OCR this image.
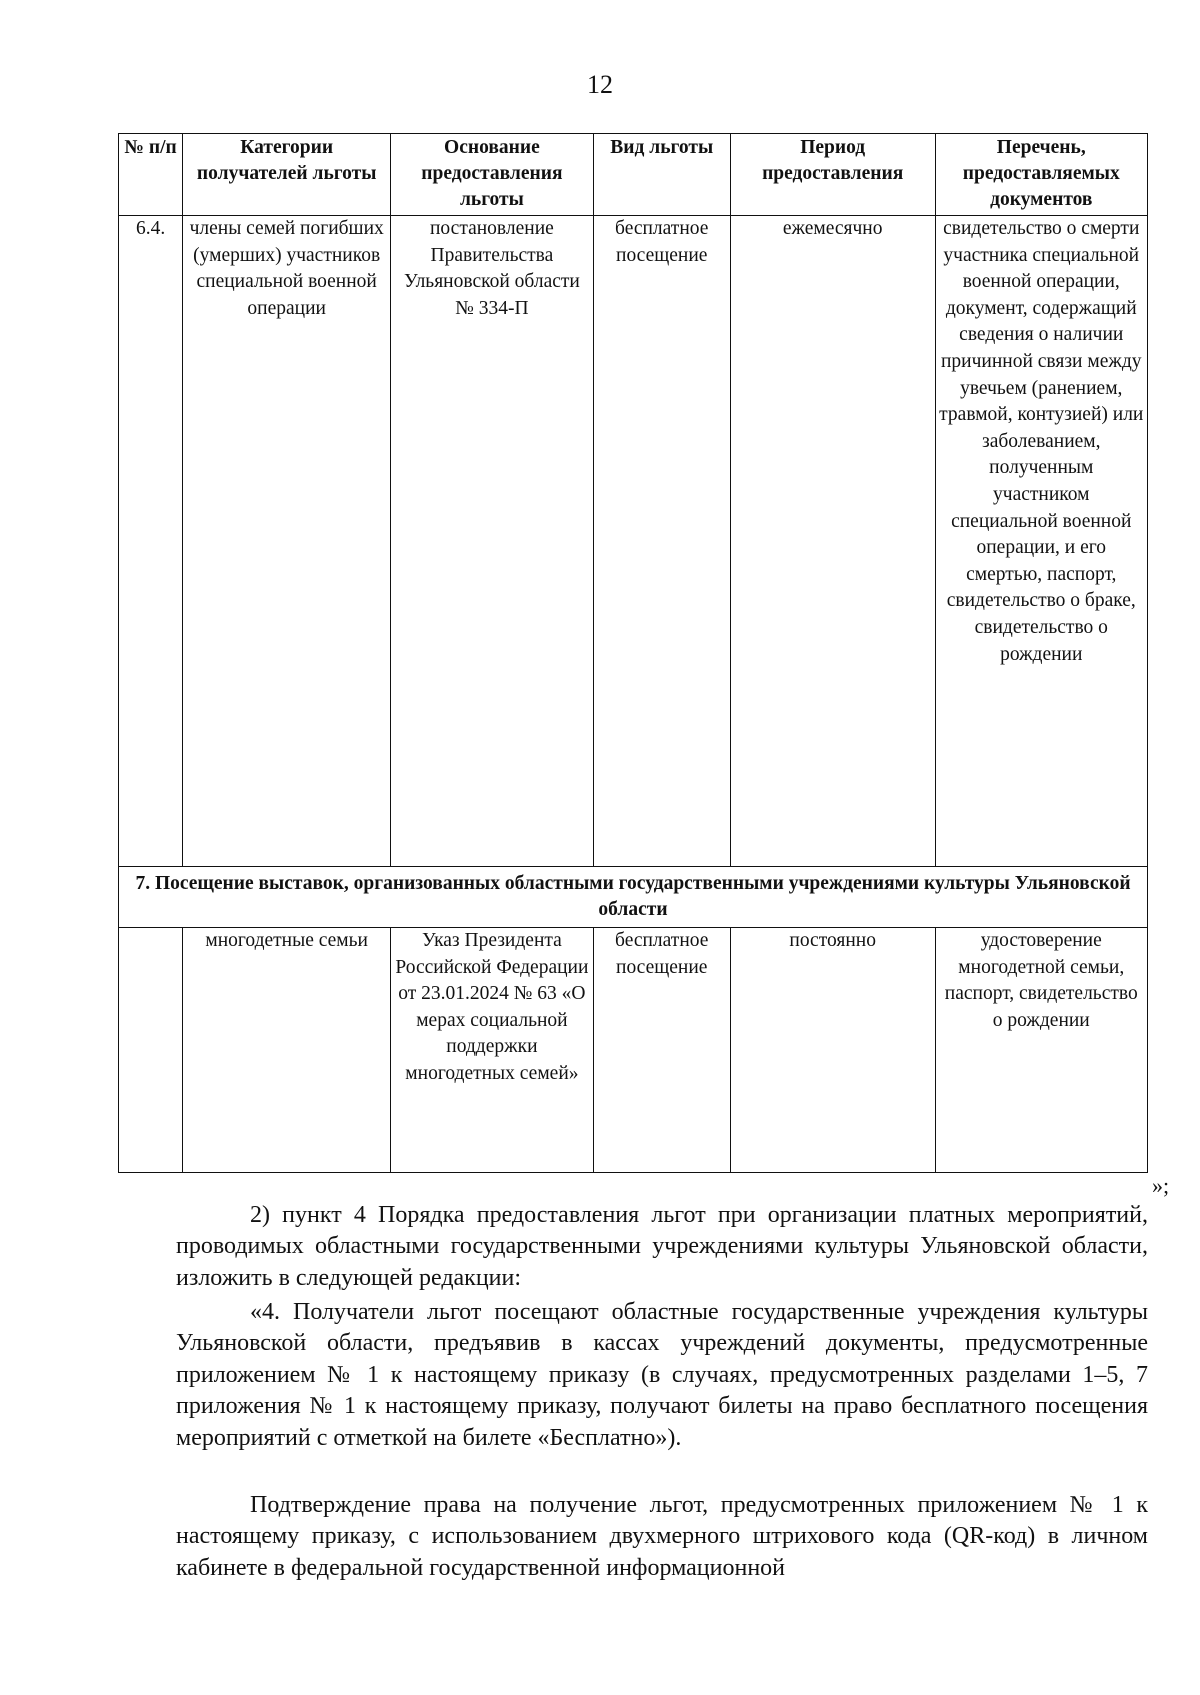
12
№ п/п	Категории получателей льготы	Основание предоставления льготы	Вид льготы	Период предоставления	Перечень, предоставляемых документов
6.4.	члены семей погибших (умерших) участников специальной военной операции	постановление Правительства Ульяновской области № 334-П	бесплатное посещение	ежемесячно	свидетельство о смерти участника специальной военной операции, документ, содержащий сведения о наличии причинной связи между увечьем (ранением, травмой, контузией) или заболеванием, полученным участником специальной военной операции, и его смертью, паспорт, свидетельство о браке, свидетельство о рождении
7. Посещение выставок, организованных областными государственными учреждениями культуры Ульяновской области					
	многодетные семьи	Указ Президента Российской Федерации от 23.01.2024 № 63 «О мерах социальной поддержки многодетных семей»	бесплатное посещение	постоянно	удостоверение многодетной семьи, паспорт, свидетельство о рождении
»;

2) пункт 4 Порядка предоставления льгот при организации платных мероприятий, проводимых областными государственными учреждениями культуры Ульяновской области, изложить в следующей редакции:

«4. Получатели льгот посещают областные государственные учреждения культуры Ульяновской области, предъявив в кассах учреждений документы, предусмотренные приложением № 1 к настоящему приказу (в случаях, предусмотренных разделами 1–5, 7 приложения № 1 к настоящему приказу, получают билеты на право бесплатного посещения мероприятий с отметкой на билете «Бесплатно»).

Подтверждение права на получение льгот, предусмотренных приложением № 1 к настоящему приказу, с использованием двухмерного штрихового кода (QR-код) в личном кабинете в федеральной государственной информационной
